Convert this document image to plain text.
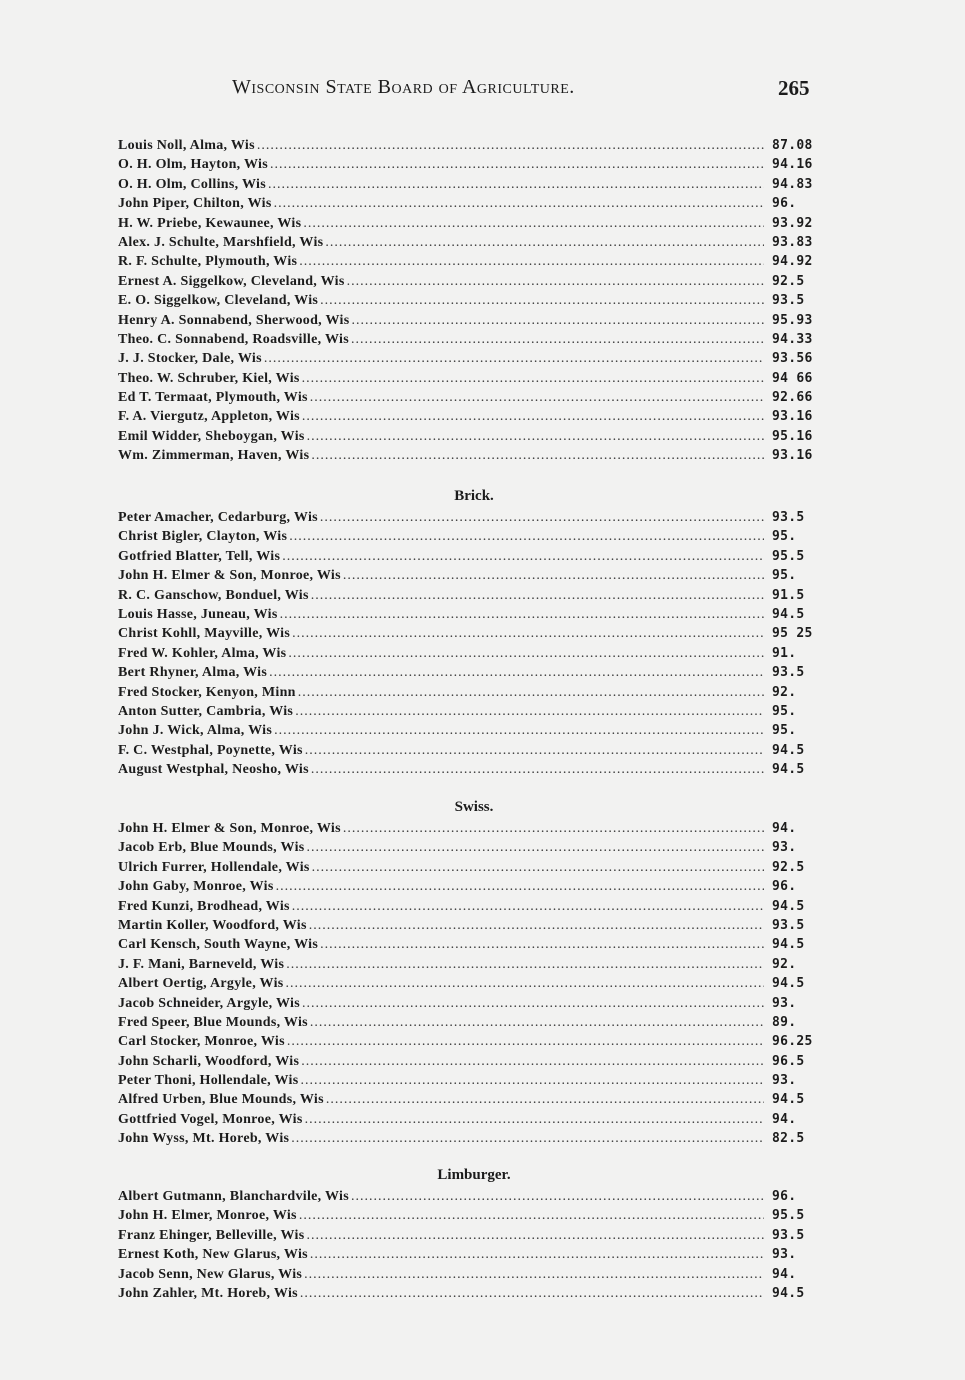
Wisconsin State Board of Agriculture.	265
Louis Noll, Alma, Wis .....	87.08
O. H. Olm, Hayton, Wis .....	94.16
O. H. Olm, Collins, Wis .....	94.83
John Piper, Chilton, Wis .....	96.
H. W. Priebe, Kewaunee, Wis .....	93.92
Alex. J. Schulte, Marshfield, Wis .....	93.83
R. F. Schulte, Plymouth, Wis .....	94.92
Ernest A. Siggelkow, Cleveland, Wis .....	92.5
E. O. Siggelkow, Cleveland, Wis .....	93.5
Henry A. Sonnabend, Sherwood, Wis .....	95.93
Theo. C. Sonnabend, Roadsville, Wis .....	94.33
J. J. Stocker, Dale, Wis .....	93.56
Theo. W. Schruber, Kiel, Wis .....	94 66
Ed T. Termaat, Plymouth, Wis .....	92.66
F. A. Viergutz, Appleton, Wis .....	93.16
Emil Widder, Sheboygan, Wis .....	95.16
Wm. Zimmerman, Haven, Wis .....	93.16
Brick.
Peter Amacher, Cedarburg, Wis .....	93.5
Christ Bigler, Clayton, Wis .....	95.
Gotfried Blatter, Tell, Wis .....	95.5
John H. Elmer & Son, Monroe, Wis .....	95.
R. C. Ganschow, Bonduel, Wis .....	91.5
Louis Hasse, Juneau, Wis .....	94.5
Christ Kohll, Mayville, Wis .....	95 25
Fred W. Kohler, Alma, Wis .....	91.
Bert Rhyner, Alma, Wis .....	93.5
Fred Stocker, Kenyon, Minn .....	92.
Anton Sutter, Cambria, Wis .....	95.
John J. Wick, Alma, Wis .....	95.
F. C. Westphal, Poynette, Wis .....	94.5
August Westphal, Neosho, Wis .....	94.5
Swiss.
John H. Elmer & Son, Monroe, Wis .....	94.
Jacob Erb, Blue Mounds, Wis .....	93.
Ulrich Furrer, Hollendale, Wis .....	92.5
John Gaby, Monroe, Wis .....	96.
Fred Kunzi, Brodhead, Wis .....	94.5
Martin Koller, Woodford, Wis .....	93.5
Carl Kensch, South Wayne, Wis .....	94.5
J. F. Mani, Barneveld, Wis .....	92.
Albert Oertig, Argyle, Wis .....	94.5
Jacob Schneider, Argyle, Wis .....	93.
Fred Speer, Blue Mounds, Wis .....	89.
Carl Stocker, Monroe, Wis .....	96.25
John Scharli, Woodford, Wis .....	96.5
Peter Thoni, Hollendale, Wis .....	93.
Alfred Urben, Blue Mounds, Wis .....	94.5
Gottfried Vogel, Monroe, Wis .....	94.
John Wyss, Mt. Horeb, Wis .....	82.5
Limburger.
Albert Gutmann, Blanchardvile, Wis .....	96.
John H. Elmer, Monroe, Wis .....	95.5
Franz Ehinger, Belleville, Wis .....	93.5
Ernest Koth, New Glarus, Wis .....	93.
Jacob Senn, New Glarus, Wis .....	94.
John Zahler, Mt. Horeb, Wis .....	94.5
